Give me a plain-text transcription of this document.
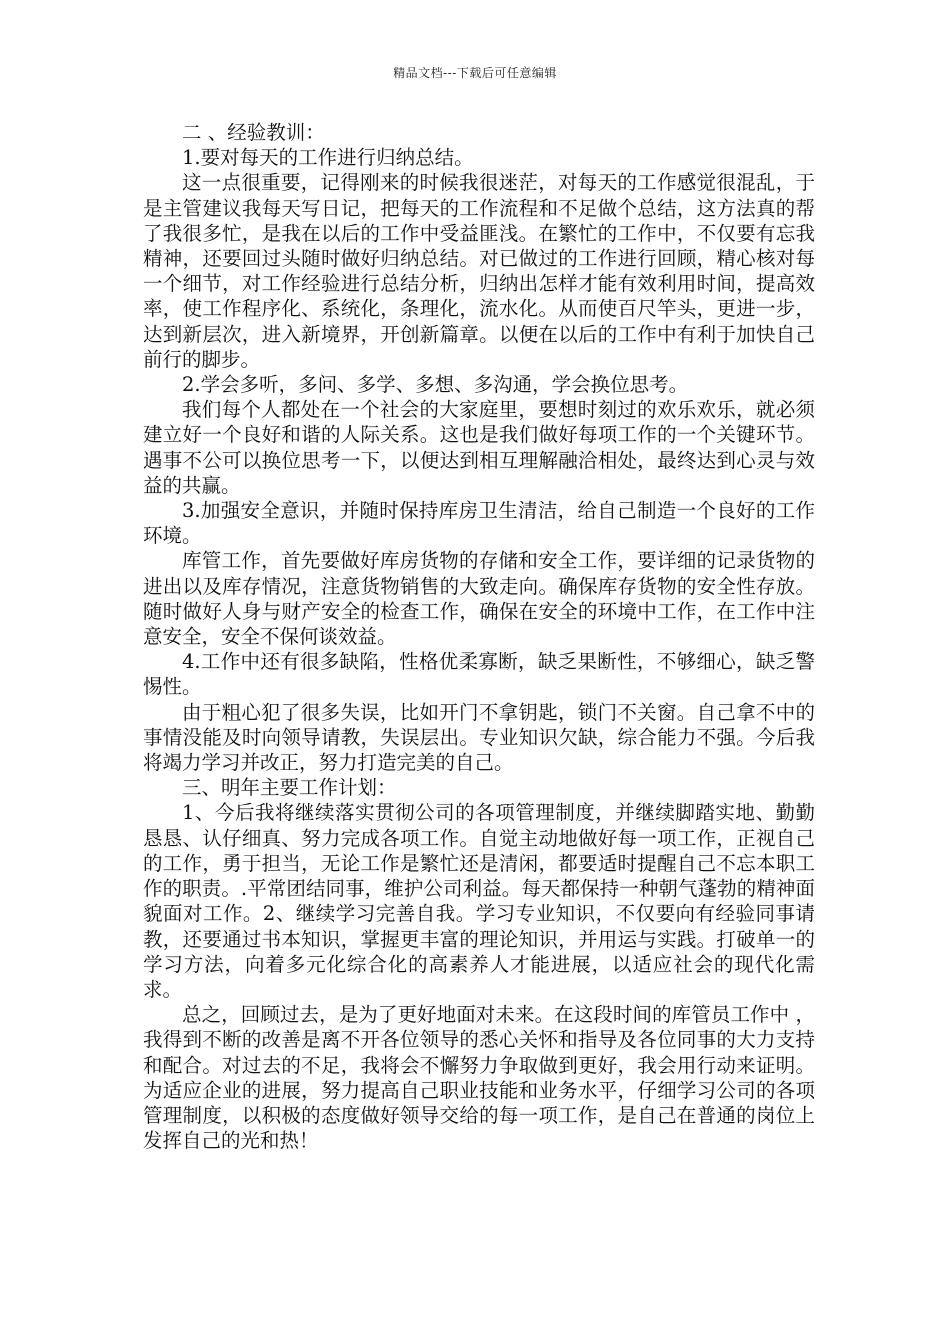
精品文档---下载后可任意编辑

二 、经验教训：

1.要对每天的工作进行归纳总结。

这一点很重要，记得刚来的时候我很迷茫，对每天的工作感觉很混乱，于是主管建议我每天写日记，把每天的工作流程和不足做个总结，这方法真的帮了我很多忙，是我在以后的工作中受益匪浅。在繁忙的工作中，不仅要有忘我精神，还要回过头随时做好归纳总结。对已做过的工作进行回顾，精心核对每一个细节，对工作经验进行总结分析，归纳出怎样才能有效利用时间，提高效率，使工作程序化、系统化，条理化，流水化。从而使百尺竿头，更进一步，达到新层次，进入新境界，开创新篇章。以便在以后的工作中有利于加快自己前行的脚步。

2.学会多听，多问、多学、多想、多沟通，学会换位思考。

我们每个人都处在一个社会的大家庭里，要想时刻过的欢乐欢乐，就必须建立好一个良好和谐的人际关系。这也是我们做好每项工作的一个关键环节。遇事不公可以换位思考一下，以便达到相互理解融洽相处，最终达到心灵与效益的共赢。

3.加强安全意识，并随时保持库房卫生清洁，给自己制造一个良好的工作环境。

库管工作，首先要做好库房货物的存储和安全工作，要详细的记录货物的进出以及库存情况，注意货物销售的大致走向。确保库存货物的安全性存放。随时做好人身与财产安全的检查工作，确保在安全的环境中工作，在工作中注意安全，安全不保何谈效益。

4.工作中还有很多缺陷，性格优柔寡断，缺乏果断性，不够细心，缺乏警惕性。

由于粗心犯了很多失误，比如开门不拿钥匙，锁门不关窗。自己拿不中的事情没能及时向领导请教，失误层出。专业知识欠缺，综合能力不强。今后我将竭力学习并改正，努力打造完美的自己。

三、明年主要工作计划：

1、今后我将继续落实贯彻公司的各项管理制度，并继续脚踏实地、勤勤恳恳、认仔细真、努力完成各项工作。自觉主动地做好每一项工作，正视自己的工作，勇于担当，无论工作是繁忙还是清闲，都要适时提醒自己不忘本职工作的职责。.平常团结同事，维护公司利益。每天都保持一种朝气蓬勃的精神面貌面对工作。2、继续学习完善自我。学习专业知识，不仅要向有经验同事请教，还要通过书本知识，掌握更丰富的理论知识，并用运与实践。打破单一的学习方法，向着多元化综合化的高素养人才能进展，以适应社会的现代化需求。

总之，回顾过去，是为了更好地面对未来。在这段时间的库管员工作中 ，我得到不断的改善是离不开各位领导的悉心关怀和指导及各位同事的大力支持和配合。对过去的不足，我将会不懈努力争取做到更好，我会用行动来证明。为适应企业的进展，努力提高自己职业技能和业务水平，仔细学习公司的各项管理制度，以积极的态度做好领导交给的每一项工作，是自己在普通的岗位上发挥自己的光和热！
